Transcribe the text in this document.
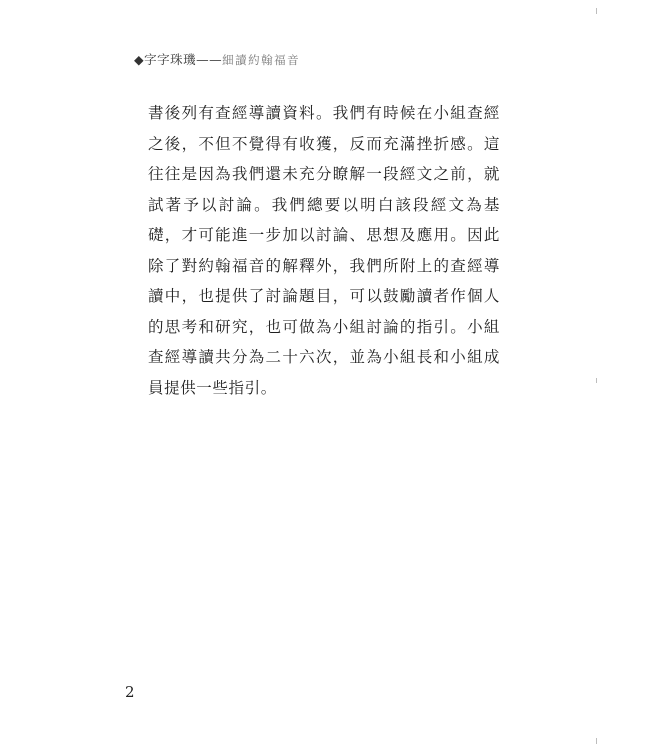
◆字字珠璣——細讀約翰福音

書後列有查經導讀資料。我們有時候在小組查經之後，不但不覺得有收獲，反而充滿挫折感。這往往是因為我們還未充分瞭解一段經文之前，就試著予以討論。我們總要以明白該段經文為基礎，才可能進一步加以討論、思想及應用。因此除了對約翰福音的解釋外，我們所附上的查經導讀中，也提供了討論題目，可以鼓勵讀者作個人的思考和研究，也可做為小組討論的指引。小組查經導讀共分為二十六次，並為小組長和小組成員提供一些指引。

2
